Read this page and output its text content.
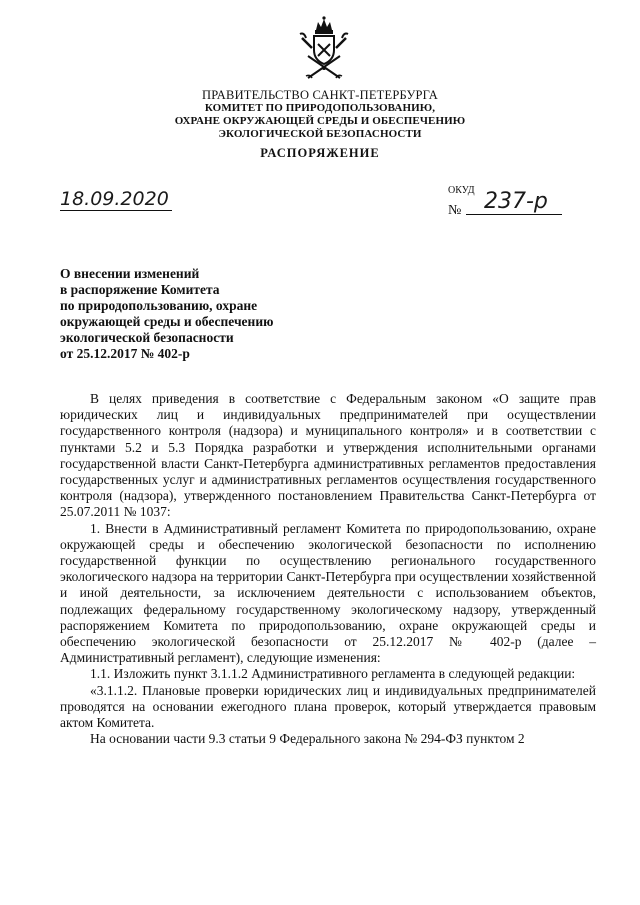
ПРАВИТЕЛЬСТВО САНКТ-ПЕТЕРБУРГА
КОМИТЕТ ПО ПРИРОДОПОЛЬЗОВАНИЮ,
ОХРАНЕ ОКРУЖАЮЩЕЙ СРЕДЫ И ОБЕСПЕЧЕНИЮ
ЭКОЛОГИЧЕСКОЙ БЕЗОПАСНОСТИ
РАСПОРЯЖЕНИЕ
18.09.2020	ОКУД
№	237-р
О внесении изменений
в распоряжение Комитета
по природопользованию, охране
окружающей среды и обеспечению
экологической безопасности
от 25.12.2017 № 402-р

В целях приведения в соответствие с Федеральным законом «О защите прав юридических лиц и индивидуальных предпринимателей при осуществлении государственного контроля (надзора) и муниципального контроля» и в соответствии с пунктами 5.2 и 5.3 Порядка разработки и утверждения исполнительными органами государственной власти Санкт-Петербурга административных регламентов предоставления государственных услуг и административных регламентов осуществления государственного контроля (надзора), утвержденного постановлением Правительства Санкт-Петербурга от 25.07.2011 № 1037:

1. Внести в Административный регламент Комитета по природопользованию, охране окружающей среды и обеспечению экологической безопасности по исполнению государственной функции по осуществлению регионального государственного экологического надзора на территории Санкт-Петербурга при осуществлении хозяйственной и иной деятельности, за исключением деятельности с использованием объектов, подлежащих федеральному государственному экологическому надзору, утвержденный распоряжением Комитета по природопользованию, охране окружающей среды и обеспечению экологической безопасности от 25.12.2017 № 402-р (далее – Административный регламент), следующие изменения:

1.1. Изложить пункт 3.1.1.2 Административного регламента в следующей редакции:

«3.1.1.2. Плановые проверки юридических лиц и индивидуальных предпринимателей проводятся на основании ежегодного плана проверок, который утверждается правовым актом Комитета.

На основании части 9.3 статьи 9 Федерального закона № 294-ФЗ пунктом 2
